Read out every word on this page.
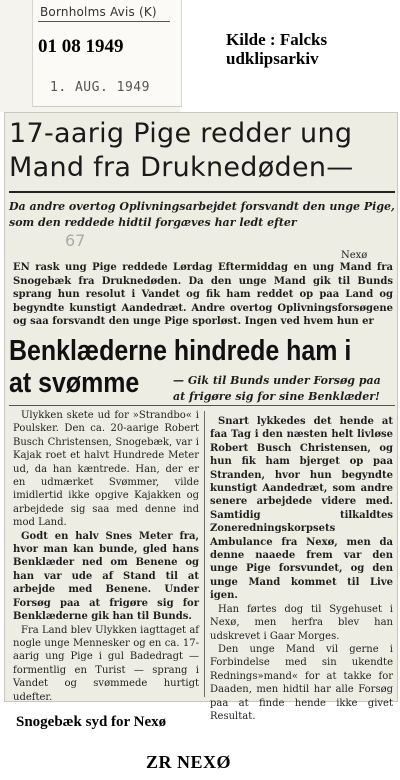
Bornholms Avis (K)
01 08 1949
1. AUG. 1949
Kilde : Falcks
udklipsarkiv
17-aarig Pige redder ung
Mand fra Druknedøden—
Da andre overtog Oplivningsarbejdet forsvandt den unge Pige, som den reddede hidtil forgæves har ledt efter
67
Nexø
EN rask ung Pige reddede Lørdag Eftermiddag en ung Mand fra Snogebæk fra Druknedøden. Da den unge Mand gik til Bunds sprang hun resolut i Vandet og fik ham reddet op paa Land og begyndte kunstigt Aandedræt. Andre overtog Oplivningsforsøgene og saa forsvandt den unge Pige sporløst. Ingen ved hvem hun er
Benklæderne hindrede ham i
at svømme	— Gik til Bunds under Forsøg paa at frigøre sig for sine Benklæder!

Ulykken skete ud for »Strandbo« i Poulsker. Den ca. 20-aarige Robert Busch Christensen, Snogebæk, var i Kajak roet et halvt Hundrede Meter ud, da han kæntrede. Han, der er en udmærket Svømmer, vilde imidlertid ikke opgive Kajakken og arbejdede sig saa med denne ind mod Land.

Godt en halv Snes Meter fra, hvor man kan bunde, gled hans Benklæder ned om Benene og han var ude af Stand til at arbejde med Benene. Under Forsøg paa at frigøre sig for Benklæderne gik han til Bunds.

Fra Land blev Ulykken iagttaget af nogle unge Mennesker og en ca. 17-aarig ung Pige i gul Badedragt — formentlig en Turist — sprang i Vandet og svømmede hurtigt udefter.

Snart lykkedes det hende at faa Tag i den næsten helt livløse Robert Busch Christensen, og hun fik ham bjerget op paa Stranden, hvor hun begyndte kunstigt Aandedræt, som andre senere arbejdede videre med. Samtidig tilkaldtes Zoneredningskorpsets Ambulance fra Nexø, men da denne naaede frem var den unge Pige forsvundet, og den unge Mand kommet til Live igen.

Han førtes dog til Sygehuset i Nexø, men herfra blev han udskrevet i Gaar Morges.

Den unge Mand vil gerne i Forbindelse med sin ukendte Rednings»mand« for at takke for Daaden, men hidtil har alle Forsøg paa at finde hende ikke givet Resultat.

Snogebæk syd for Nexø
ZR NEXØ
